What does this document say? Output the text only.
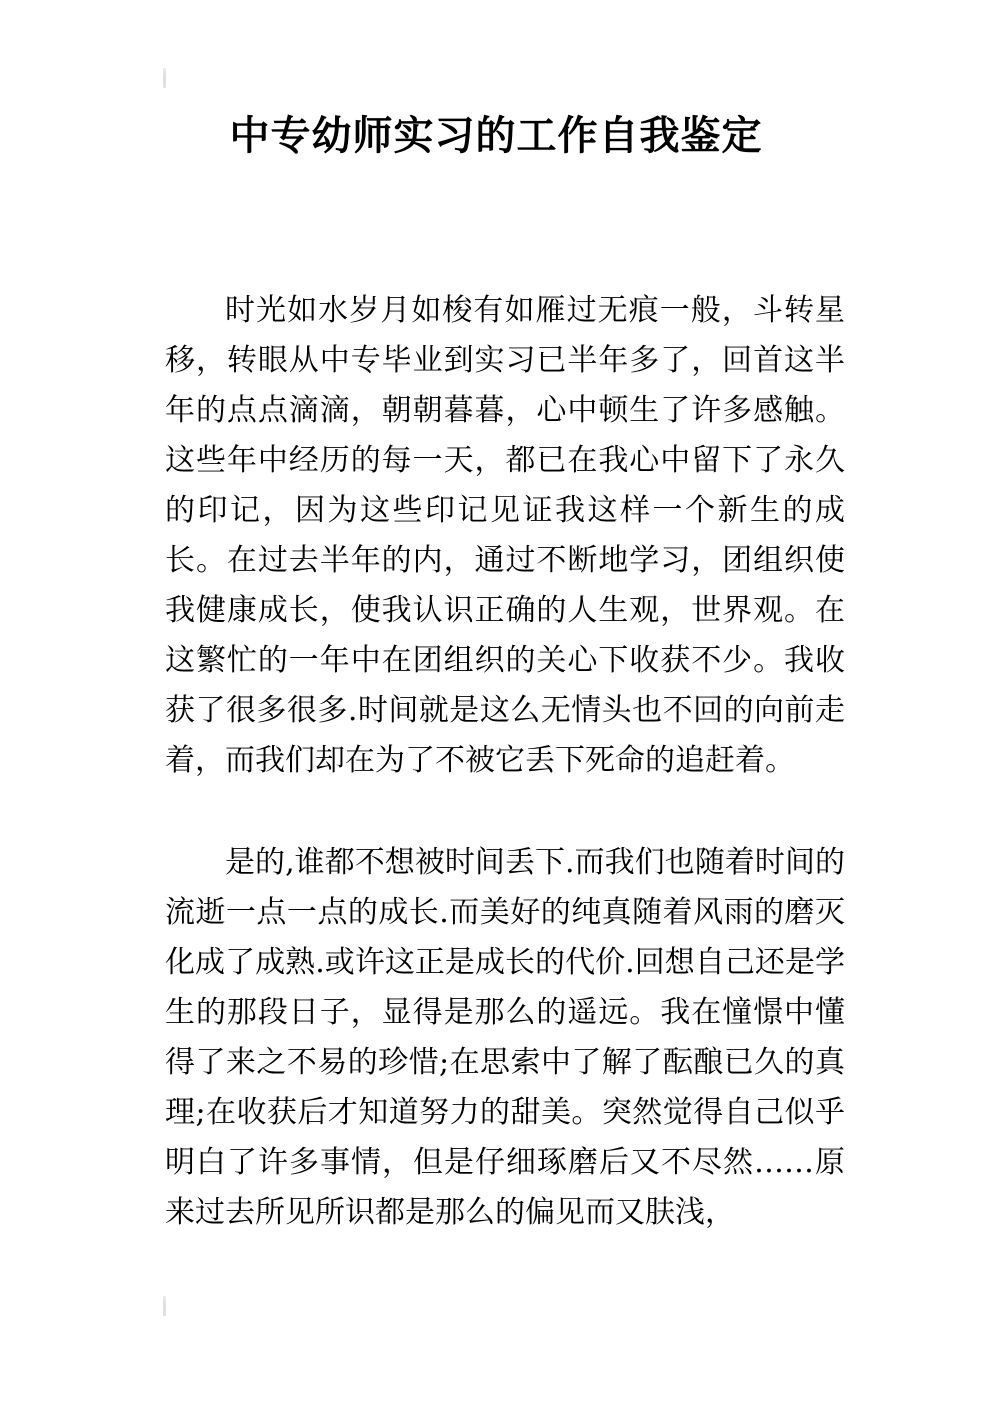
中专幼师实习的工作自我鉴定

时光如水岁月如梭有如雁过无痕一般，斗转星移，转眼从中专毕业到实习已半年多了，回首这半年的点点滴滴，朝朝暮暮，心中顿生了许多感触。这些年中经历的每一天，都已在我心中留下了永久的印记，因为这些印记见证我这样一个新生的成长。在过去半年的内，通过不断地学习，团组织使我健康成长，使我认识正确的人生观，世界观。在这繁忙的一年中在团组织的关心下收获不少。我收获了很多很多.时间就是这么无情头也不回的向前走着，而我们却在为了不被它丢下死命的追赶着。

是的,谁都不想被时间丢下.而我们也随着时间的流逝一点一点的成长.而美好的纯真随着风雨的磨灭化成了成熟.或许这正是成长的代价.回想自己还是学生的那段日子，显得是那么的遥远。我在憧憬中懂得了来之不易的珍惜;在思索中了解了酝酿已久的真理;在收获后才知道努力的甜美。突然觉得自己似乎明白了许多事情，但是仔细琢磨后又不尽然……原来过去所见所识都是那么的偏见而又肤浅，
